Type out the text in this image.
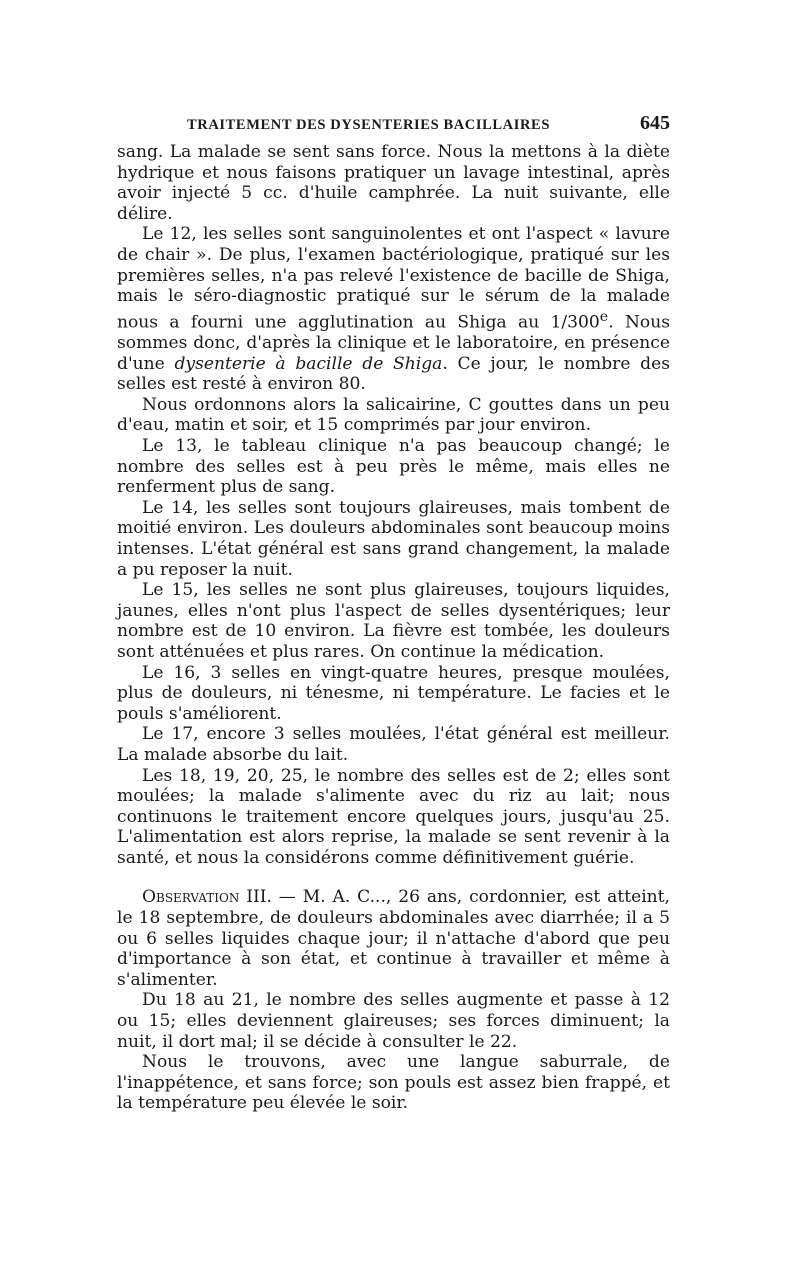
TRAITEMENT DES DYSENTERIES BACILLAIRES	645

sang. La malade se sent sans force. Nous la mettons à la diète hydrique et nous faisons pratiquer un lavage intestinal, après avoir injecté 5 cc. d'huile camphrée. La nuit suivante, elle délire.

Le 12, les selles sont sanguinolentes et ont l'aspect « lavure de chair ». De plus, l'examen bactériologique, pratiqué sur les premières selles, n'a pas relevé l'existence de bacille de Shiga, mais le séro-diagnostic pratiqué sur le sérum de la malade nous a fourni une agglutination au Shiga au 1/300e. Nous sommes donc, d'après la clinique et le laboratoire, en présence d'une dysenterie à bacille de Shiga. Ce jour, le nombre des selles est resté à environ 80.

Nous ordonnons alors la salicairine, C gouttes dans un peu d'eau, matin et soir, et 15 comprimés par jour environ.

Le 13, le tableau clinique n'a pas beaucoup changé; le nombre des selles est à peu près le même, mais elles ne renferment plus de sang.

Le 14, les selles sont toujours glaireuses, mais tombent de moitié environ. Les douleurs abdominales sont beaucoup moins intenses. L'état général est sans grand changement, la malade a pu reposer la nuit.

Le 15, les selles ne sont plus glaireuses, toujours liquides, jaunes, elles n'ont plus l'aspect de selles dysentériques; leur nombre est de 10 environ. La fièvre est tombée, les douleurs sont atténuées et plus rares. On continue la médication.

Le 16, 3 selles en vingt-quatre heures, presque moulées, plus de douleurs, ni ténesme, ni température. Le facies et le pouls s'améliorent.

Le 17, encore 3 selles moulées, l'état général est meilleur. La malade absorbe du lait.

Les 18, 19, 20, 25, le nombre des selles est de 2; elles sont moulées; la malade s'alimente avec du riz au lait; nous continuons le traitement encore quelques jours, jusqu'au 25. L'alimentation est alors reprise, la malade se sent revenir à la santé, et nous la considérons comme définitivement guérie.

Observation III. — M. A. C..., 26 ans, cordonnier, est atteint, le 18 septembre, de douleurs abdominales avec diarrhée; il a 5 ou 6 selles liquides chaque jour; il n'attache d'abord que peu d'importance à son état, et continue à travailler et même à s'alimenter.

Du 18 au 21, le nombre des selles augmente et passe à 12 ou 15; elles deviennent glaireuses; ses forces diminuent; la nuit, il dort mal; il se décide à consulter le 22.

Nous le trouvons, avec une langue saburrale, de l'inappétence, et sans force; son pouls est assez bien frappé, et la température peu élevée le soir.
